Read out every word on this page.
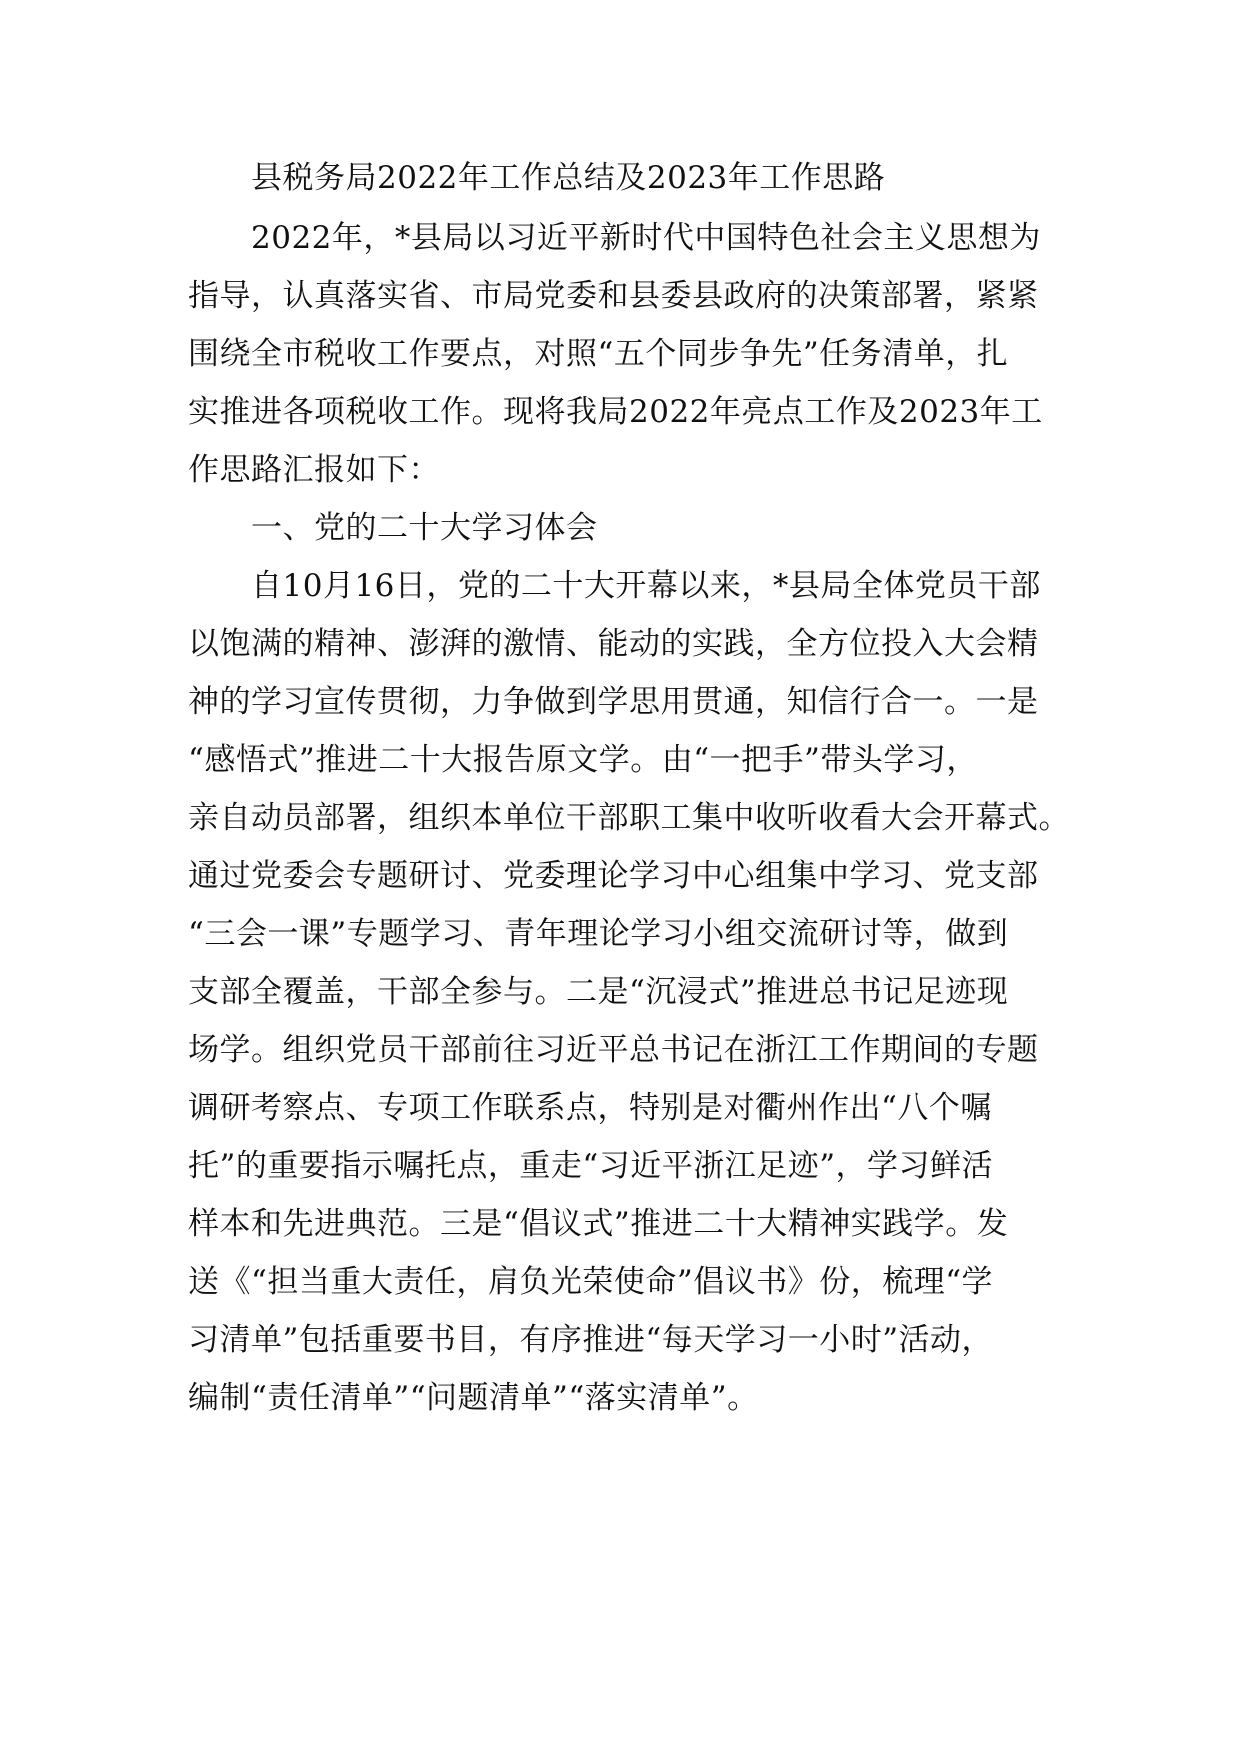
县税务局2022年工作总结及2023年工作思路
2022年，*县局以习近平新时代中国特色社会主义思想为
指导，认真落实省、市局党委和县委县政府的决策部署，紧紧
围绕全市税收工作要点，对照“五个同步争先”任务清单，扎
实推进各项税收工作。现将我局2022年亮点工作及2023年工
作思路汇报如下：
一、党的二十大学习体会
自10月16日，党的二十大开幕以来，*县局全体党员干部
以饱满的精神、澎湃的激情、能动的实践，全方位投入大会精
神的学习宣传贯彻，力争做到学思用贯通，知信行合一。一是
“感悟式”推进二十大报告原文学。由“一把手”带头学习，
亲自动员部署，组织本单位干部职工集中收听收看大会开幕式。
通过党委会专题研讨、党委理论学习中心组集中学习、党支部
“三会一课”专题学习、青年理论学习小组交流研讨等，做到
支部全覆盖，干部全参与。二是“沉浸式”推进总书记足迹现
场学。组织党员干部前往习近平总书记在浙江工作期间的专题
调研考察点、专项工作联系点，特别是对衢州作出“八个嘱
托”的重要指示嘱托点，重走“习近平浙江足迹”，学习鲜活
样本和先进典范。三是“倡议式”推进二十大精神实践学。发
送《“担当重大责任，肩负光荣使命”倡议书》份，梳理“学
习清单”包括重要书目，有序推进“每天学习一小时”活动，
编制“责任清单”“问题清单”“落实清单”。
